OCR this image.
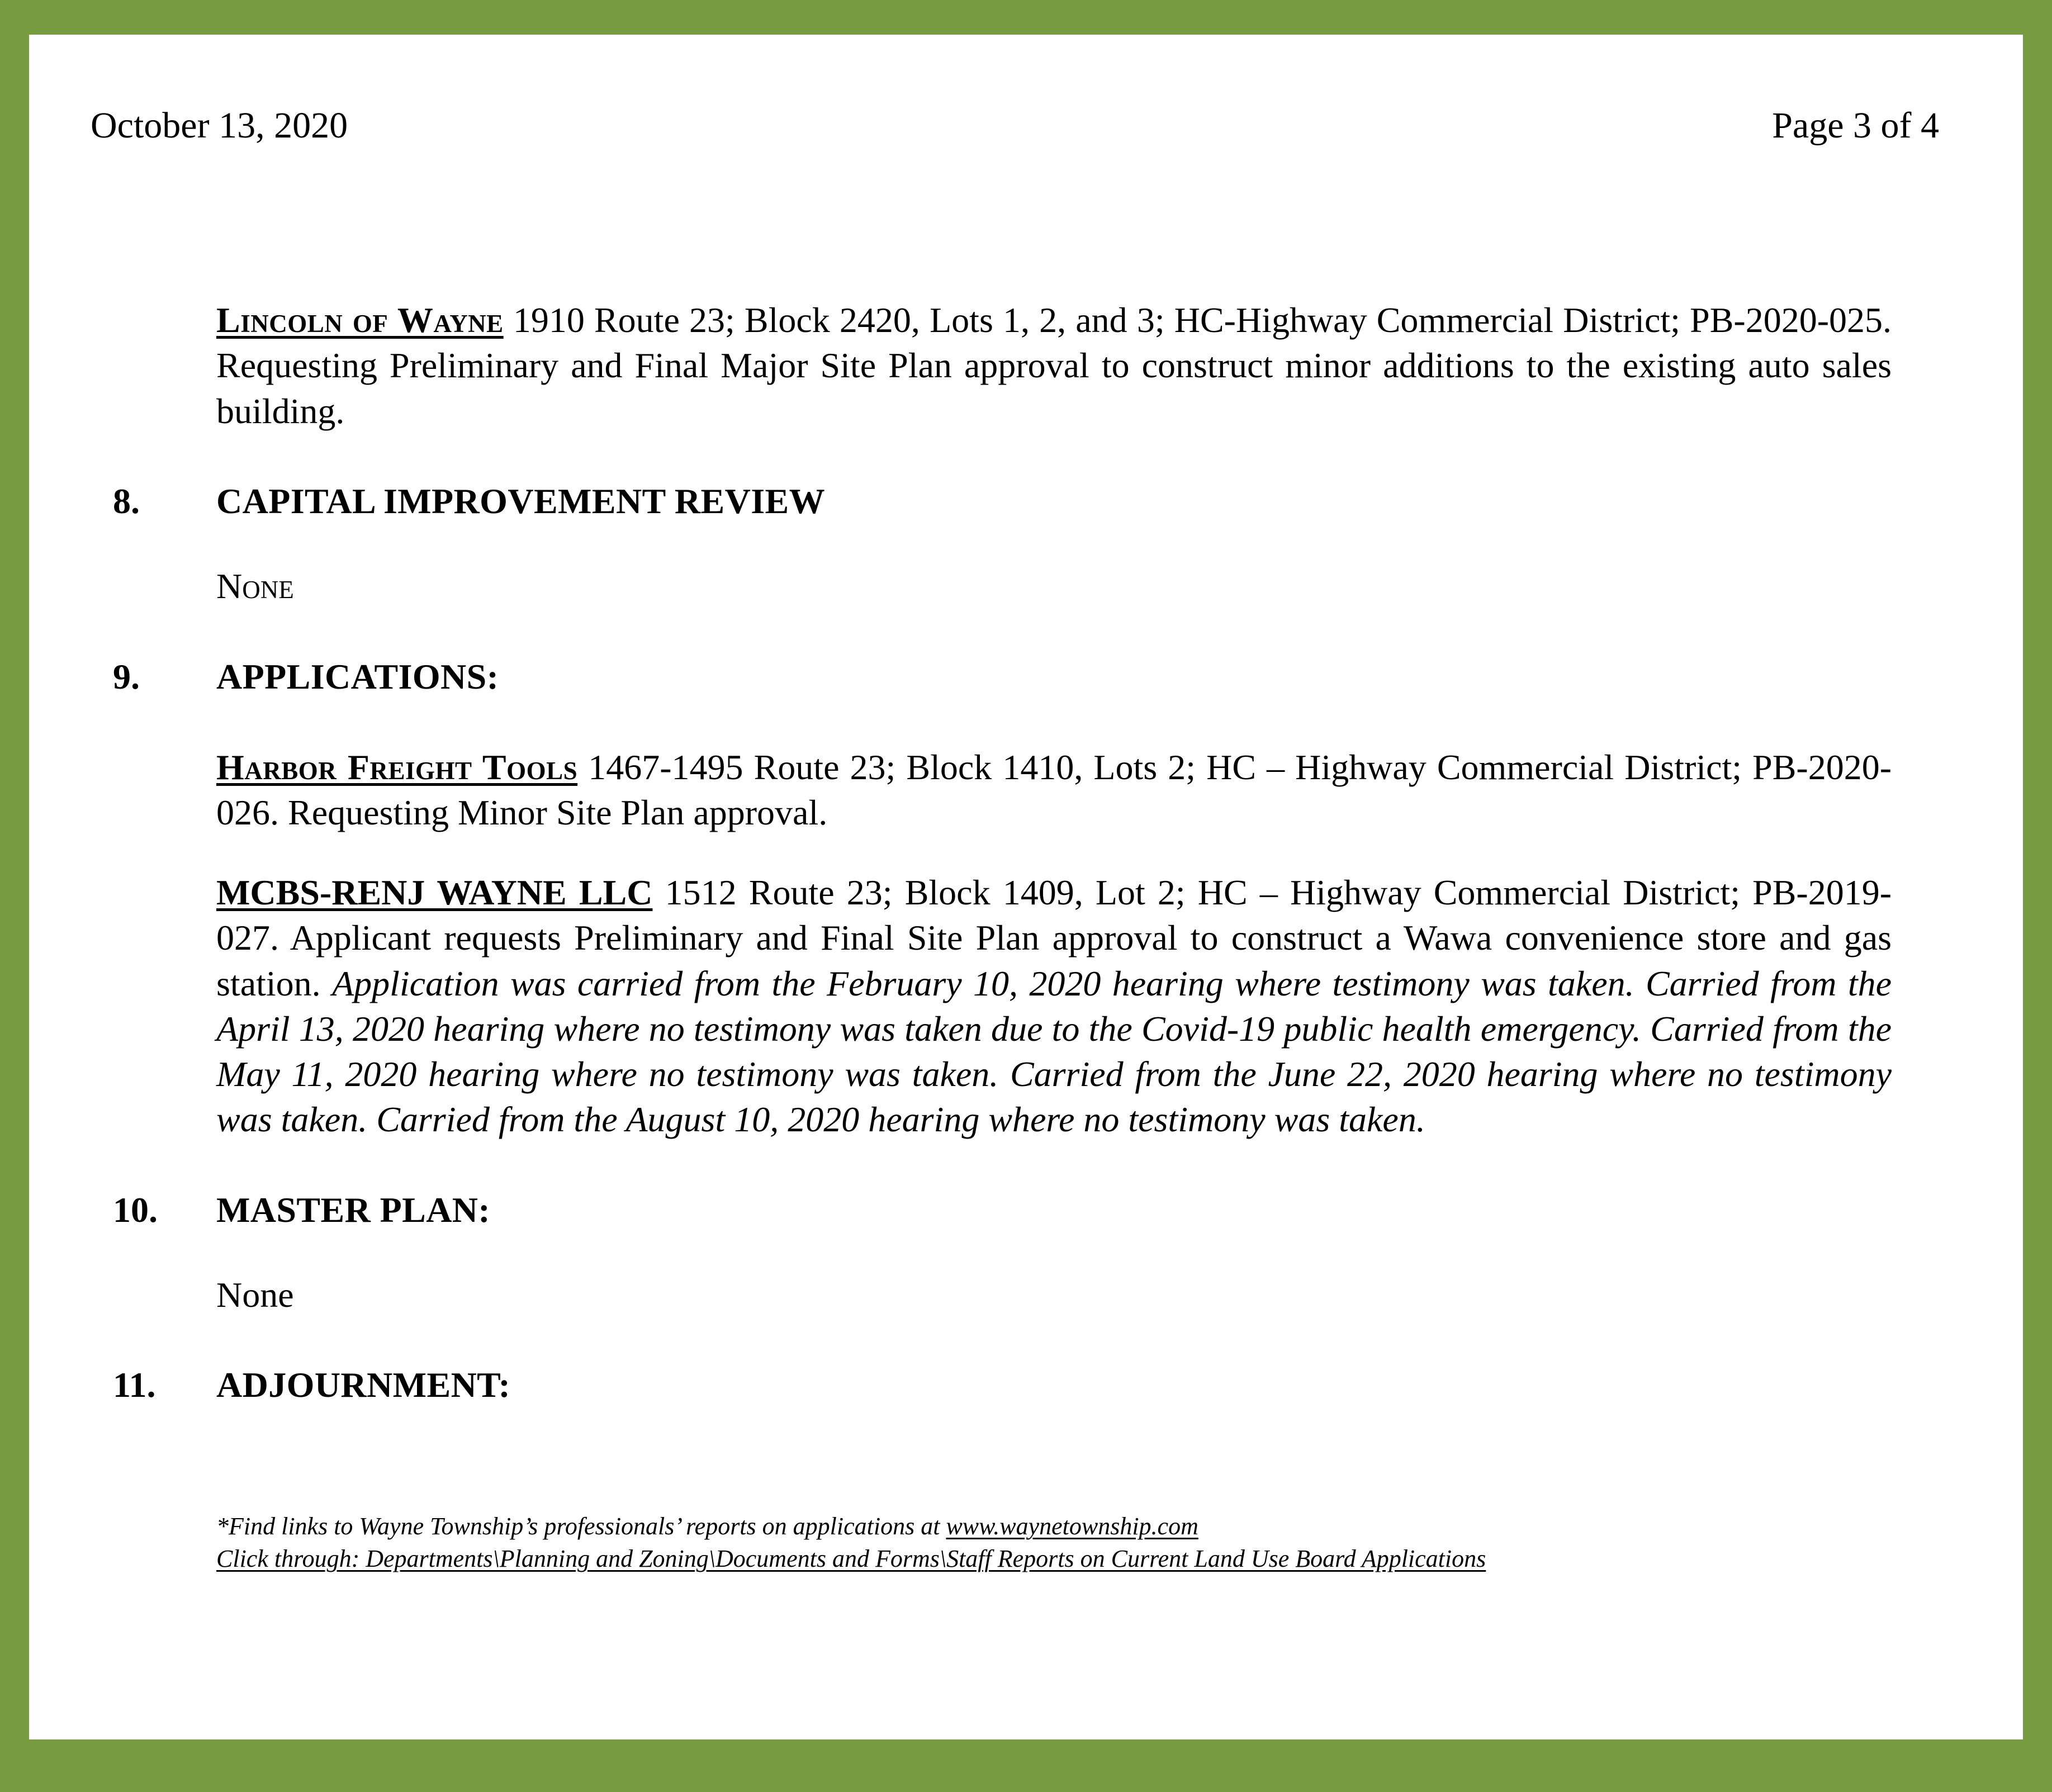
October 13, 2020	Page 3 of 4

Lincoln of Wayne 1910 Route 23; Block 2420, Lots 1, 2, and 3; HC-Highway Commercial District; PB-2020-025. Requesting Preliminary and Final Major Site Plan approval to construct minor additions to the existing auto sales building.

8.	CAPITAL IMPROVEMENT REVIEW
None
9.	APPLICATIONS:

Harbor Freight Tools 1467-1495 Route 23; Block 1410, Lots 2; HC – Highway Commercial District; PB-2020-026. Requesting Minor Site Plan approval.

MCBS-RENJ WAYNE LLC 1512 Route 23; Block 1409, Lot 2; HC – Highway Commercial District; PB-2019-027. Applicant requests Preliminary and Final Site Plan approval to construct a Wawa convenience store and gas station. Application was carried from the February 10, 2020 hearing where testimony was taken. Carried from the April 13, 2020 hearing where no testimony was taken due to the Covid-19 public health emergency. Carried from the May 11, 2020 hearing where no testimony was taken. Carried from the June 22, 2020 hearing where no testimony was taken. Carried from the August 10, 2020 hearing where no testimony was taken.

10.	MASTER PLAN:
None
11.	ADJOURNMENT:
*Find links to Wayne Township’s professionals’ reports on applications at www.waynetownship.com
Click through: Departments\Planning and Zoning\Documents and Forms\Staff Reports on Current Land Use Board Applications
